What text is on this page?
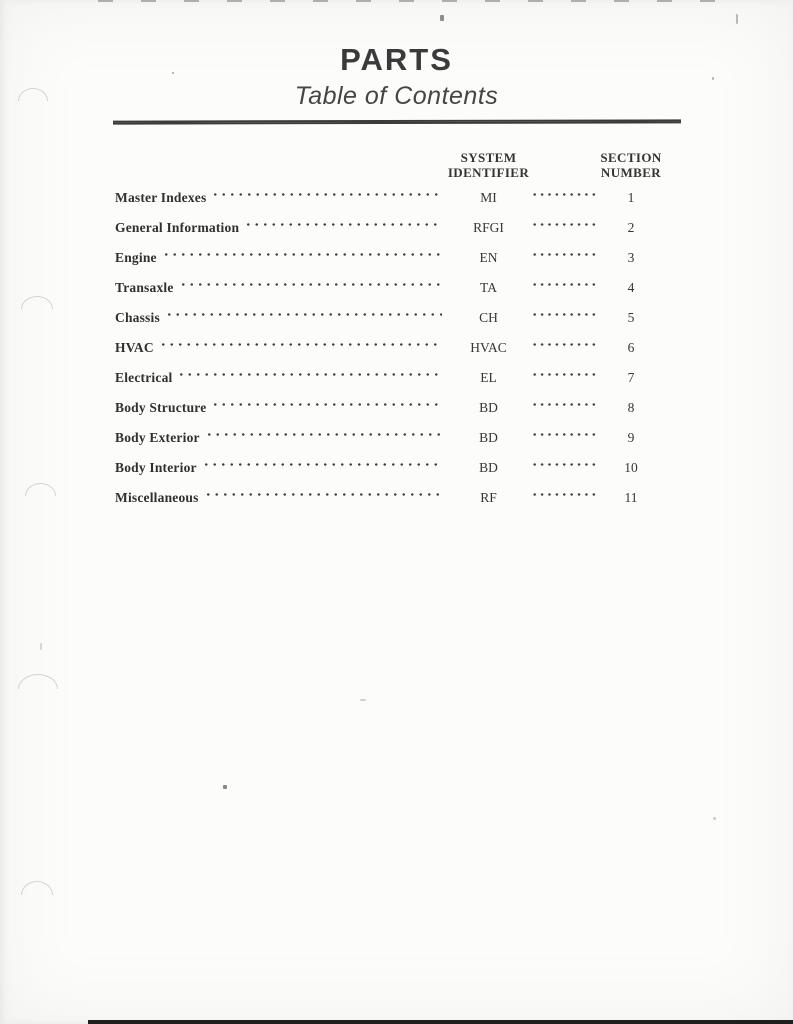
PARTS
Table of Contents
SYSTEM
IDENTIFIER
SECTION
NUMBER
Master Indexes	MI	1
General Information	RFGI	2
Engine	EN	3
Transaxle	TA	4
Chassis	CH	5
HVAC	HVAC	6
Electrical	EL	7
Body Structure	BD	8
Body Exterior	BD	9
Body Interior	BD	10
Miscellaneous	RF	11
